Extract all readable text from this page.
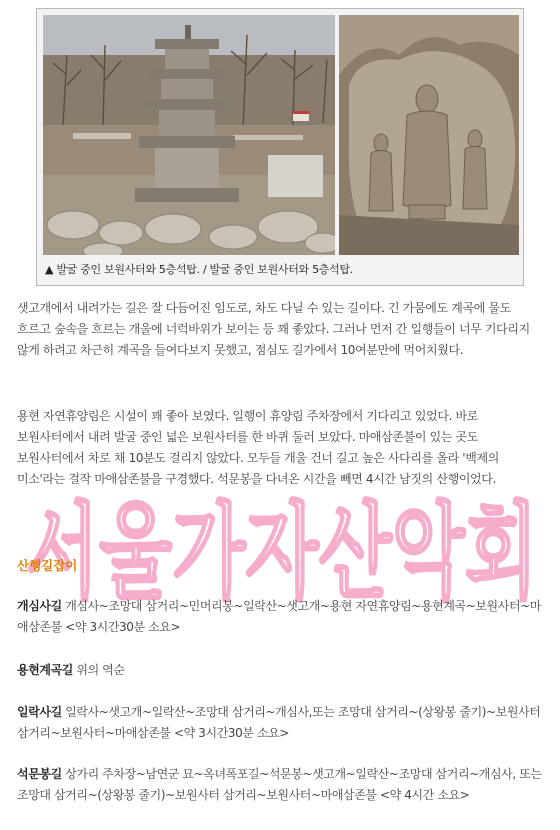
▲ 발굴 중인 보원사터와 5층석탑. / 발굴 중인 보원사터와 5층석탑.

샛고개에서 내려가는 길은 잘 다듬어진 임도로, 차도 다닐 수 있는 길이다. 긴 가뭄에도 계곡에 물도 흐르고 숲속을 흐르는 개울에 너럭바위가 보이는 등 꽤 좋았다. 그러나 먼저 간 일행들이 너무 기다리지 않게 하려고 차근히 계곡을 들여다보지 못했고, 점심도 길가에서 10여분만에 먹어치웠다.

용현 자연휴양림은 시설이 꽤 좋아 보였다. 일행이 휴양림 주차장에서 기다리고 있었다. 바로 보원사터에서 내려 발굴 중인 넓은 보원사터를 한 바퀴 둘러 보았다. 마애삼존불이 있는 곳도 보원사터에서 차로 채 10분도 걸리지 않았다. 모두들 개울 건너 길고 높은 사다리를 올라 '백제의 미소'라는 걸작 마애삼존불을 구경했다. 석문봉을 다녀온 시간을 빼면 4시간 남짓의 산행이었다.

서울가자산악회
산행길잡이

개심사길 개심사~조망대 삼거리~민머리봉~일락산~샛고개~용현 자연휴양림~용현계곡~보원사터~마애삼존불 <약 3시간30분 소요>

용현계곡길 위의 역순

일락사길 일락사~샛고개~일락산~조망대 삼거리~개심사,또는 조망대 삼거리~(상왕봉 줄기)~보원사터 삼거리~보원사터~마애삼존불 <약 3시간30분 소요>

석문봉길 상가리 주차장~남연군 묘~옥녀폭포길~석문봉~샛고개~일락산~조망대 삼거리~개심사, 또는 조망대 삼거리~(상왕봉 줄기)~보원사터 삼거리~보원사터~마애삼존불 <약 4시간 소요>
